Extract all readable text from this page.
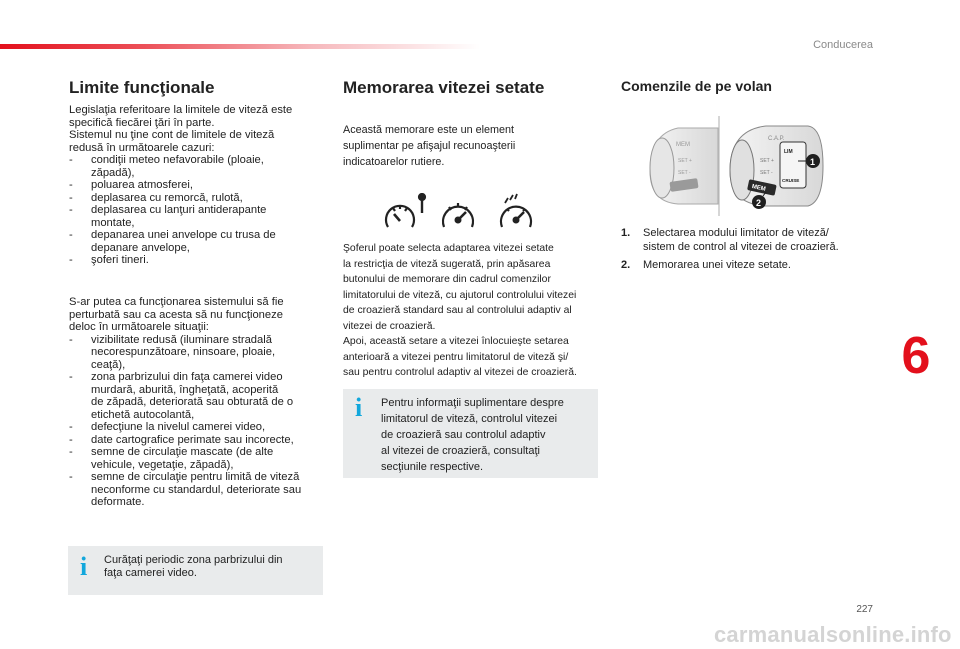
Conducerea
6
227
carmanualsonline.info
Limite funcţionale

Legislaţia referitoare la limitele de viteză este

specifică fiecărei ţări în parte.

Sistemul nu ţine cont de limitele de viteză

redusă în următoarele cazuri:

- condiţii meteo nefavorabile (ploaie,
zăpadă),
- poluarea atmosferei,
- deplasarea cu remorcă, rulotă,
- deplasarea cu lanţuri antiderapante
montate,
- depanarea unei anvelope cu trusa de
depanare anvelope,
- şoferi tineri.

S-ar putea ca funcţionarea sistemului să fie

perturbată sau ca acesta să nu funcţioneze

deloc în următoarele situaţii:

- vizibilitate redusă (iluminare stradală
necorespunzătoare, ninsoare, ploaie,
ceaţă),
- zona parbrizului din faţa camerei video
murdară, aburită, îngheţată, acoperită
de zăpadă, deteriorată sau obturată de o
etichetă autocolantă,
- defecţiune la nivelul camerei video,
- date cartografice perimate sau incorecte,
- semne de circulaţie mascate (de alte
vehicule, vegetaţie, zăpadă),
- semne de circulaţie pentru limită de viteză
neconforme cu standardul, deteriorate sau
deformate.
i Curăţaţi periodic zona parbrizului din
faţa camerei video.
Memorarea vitezei setate
Această memorare este un element
suplimentar pe afişajul recunoaşterii
indicatoarelor rutiere.
Şoferul poate selecta adaptarea vitezei setate
la restricţia de viteză sugerată, prin apăsarea
butonului de memorare din cadrul comenzilor
limitatorului de viteză, cu ajutorul controlului vitezei
de croazieră standard sau al controlului adaptiv al
vitezei de croazieră.
Apoi, această setare a vitezei înlocuieşte setarea
anterioară a vitezei pentru limitatorul de viteză şi/
sau pentru controlul adaptiv al vitezei de croazieră.
i Pentru informaţii suplimentare despre
limitatorul de viteză, controlul vitezei
de croazieră sau controlul adaptiv
al vitezei de croazieră, consultaţi
secţiunile respective.
Comenzile de pe volan
MEM
SET +
SET -
C.A.P.
SET +
SET -
LIM
CRUISE
MEM
1
2
1. Selectarea modului limitator de viteză/
sistem de control al vitezei de croazieră.
2. Memorarea unei viteze setate.
